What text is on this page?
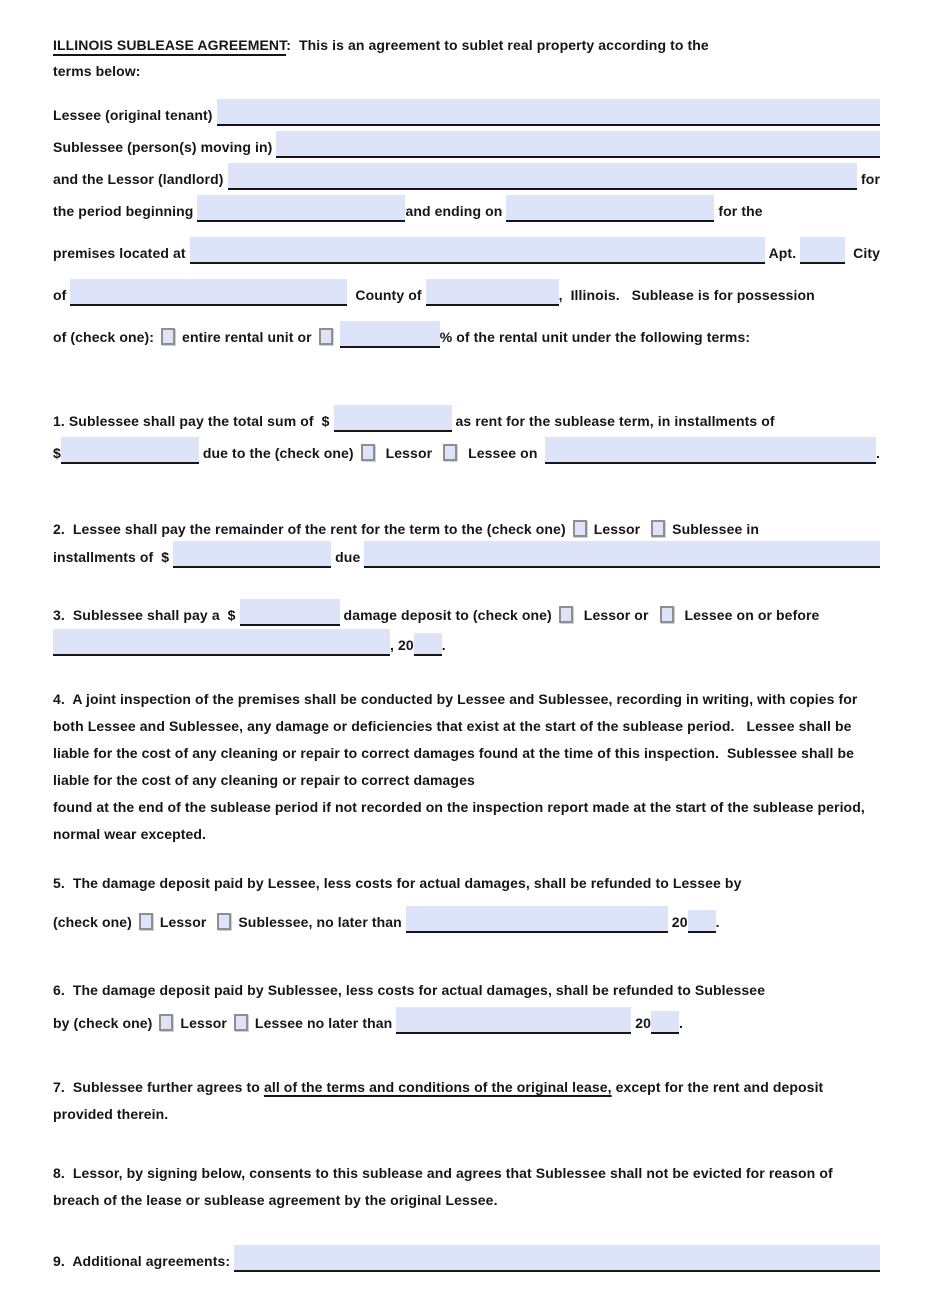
ILLINOIS SUBLEASE AGREEMENT:  This is an agreement to sublet real property according to the
terms below:
Lessee (original tenant)
Sublessee (person(s) moving in)
and the Lessor (landlord)	for
the period beginning	and ending on	for the
premises located at	Apt.	City
of	County of	,  Illinois.   Sublease is for possession
of (check one): entire rental unit or
	% of the rental unit under the following terms:
1. Sublessee shall pay the total sum of  $	as rent for the sublease term, in installments of
$	due to the (check one) Lessor Lessee on	.
2.  Lessee shall pay the remainder of the rent for the term to the (check one) Lessor Sublessee in
installments of  $	due
3.  Sublessee shall pay a  $	damage deposit to (check one) Lessor or Lessee on or before
, 20 .
4.  A joint inspection of the premises shall be conducted by Lessee and Sublessee, recording in writing, with copies for both Lessee and Sublessee, any damage or deficiencies that exist at the start of the sublease period.   Lessee shall be liable for the cost of any cleaning or repair to correct damages found at the time of this inspection.  Sublessee shall be liable for the cost of any cleaning or repair to correct damages
found at the end of the sublease period if not recorded on the inspection report made at the start of the sublease period, normal wear excepted.
5.  The damage deposit paid by Lessee, less costs for actual damages, shall be refunded to Lessee by
(check one) Lessor Sublessee, no later than	20 .
6.  The damage deposit paid by Sublessee, less costs for actual damages, shall be refunded to Sublessee
by (check one) Lessor Lessee no later than	20 .
7.  Sublessee further agrees to all of the terms and conditions of the original lease, except for the rent and deposit provided therein.
8.  Lessor, by signing below, consents to this sublease and agrees that Sublessee shall not be evicted for reason of breach of the lease or sublease agreement by the original Lessee.
9.  Additional agreements:
